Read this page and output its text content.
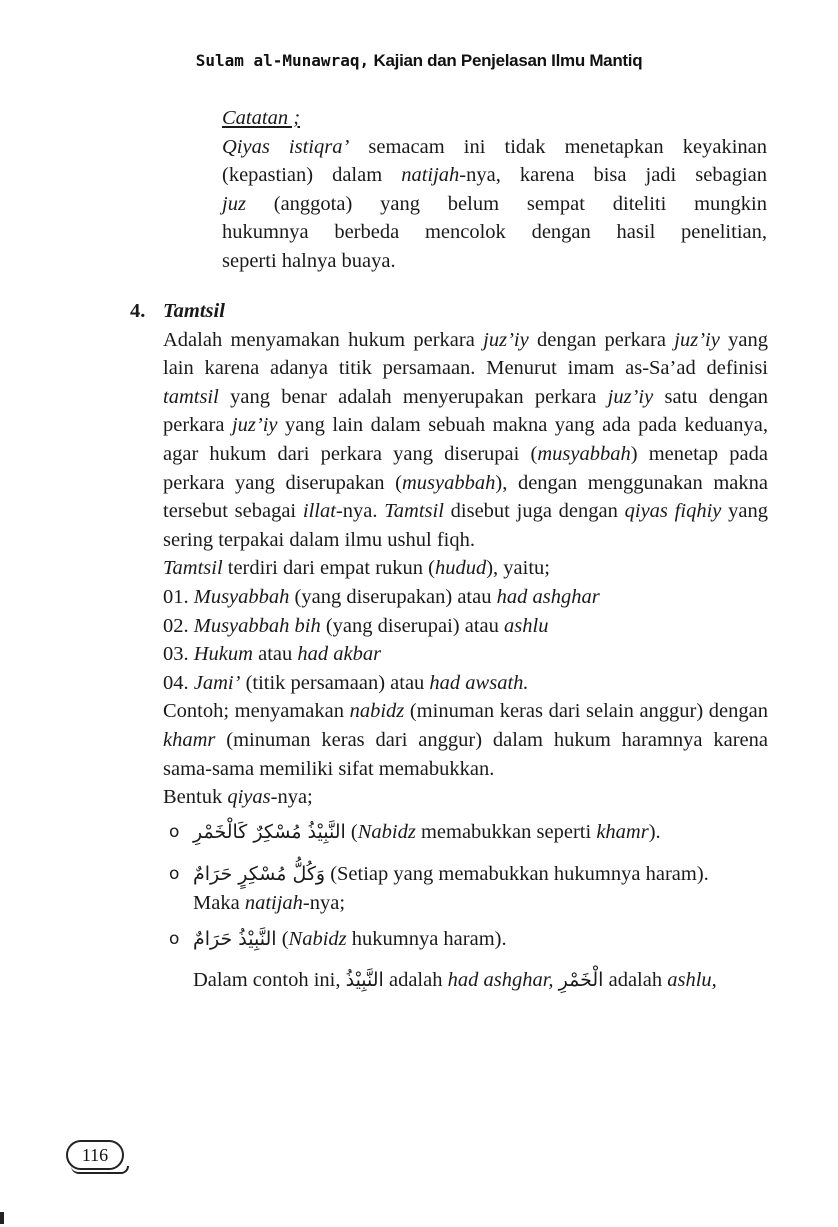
Sulam al-Munawraq, Kajian dan Penjelasan Ilmu Mantiq
Catatan ;
Qiyas istiqra’ semacam ini tidak menetapkan keyakinan
(kepastian) dalam natijah-nya, karena bisa jadi sebagian
juz (anggota) yang belum sempat diteliti mungkin
hukumnya berbeda mencolok dengan hasil penelitian,
seperti halnya buaya.
4. Tamtsil
Adalah menyamakan hukum perkara juz’iy dengan perkara juz’iy yang lain karena adanya titik persamaan. Menurut imam as-Sa’ad definisi tamtsil yang benar adalah menyerupakan perkara juz’iy satu dengan perkara juz’iy yang lain dalam sebuah makna yang ada pada keduanya, agar hukum dari perkara yang diserupai (musyabbah) menetap pada perkara yang diserupakan (musyabbah), dengan menggunakan makna tersebut sebagai illat-nya. Tamtsil disebut juga dengan qiyas fiqhiy yang sering terpakai dalam ilmu ushul fiqh.
Tamtsil terdiri dari empat rukun (hudud), yaitu;
01. Musyabbah (yang diserupakan) atau had ashghar
02. Musyabbah bih (yang diserupai) atau ashlu
03. Hukum atau had akbar
04. Jami’ (titik persamaan) atau had awsath.
Contoh; menyamakan nabidz (minuman keras dari selain anggur) dengan khamr (minuman keras dari anggur) dalam hukum haramnya karena sama-sama memiliki sifat memabukkan.
Bentuk qiyas-nya;
o النَّبِيْذُ مُسْكِرٌ كَالْخَمْرِ (Nabidz memabukkan seperti khamr).
o وَكُلُّ مُسْكِرٍ حَرَامٌ (Setiap yang memabukkan hukumnya haram).
Maka natijah-nya;
o النَّبِيْذُ حَرَامٌ (Nabidz hukumnya haram).
Dalam contoh ini, النَّبِيْذُ adalah had ashghar, الْخَمْرِ adalah ashlu,
116
